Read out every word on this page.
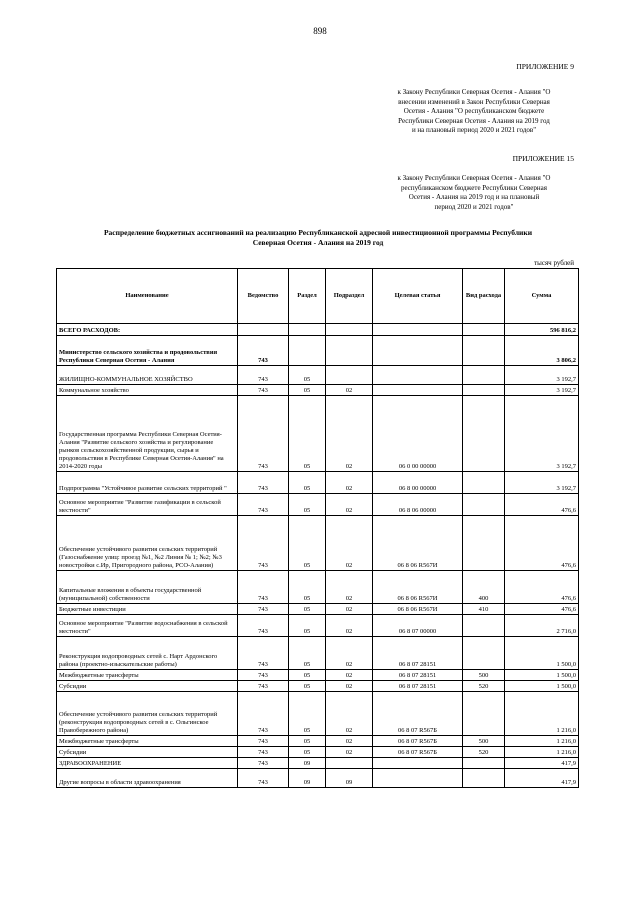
898
ПРИЛОЖЕНИЕ 9
к Закону Республики Северная Осетия - Алания "О
внесении изменений в Закон Республики Северная
Осетия - Алания "О республиканском бюджете
Республики Северная Осетия - Алания на 2019 год
и на плановый период 2020 и 2021 годов"
ПРИЛОЖЕНИЕ 15
к Закону Республики Северная Осетия - Алания "О
республиканском бюджете Республики Северная
Осетия - Алания на 2019 год и на плановый
период 2020 и 2021 годов"
Распределение бюджетных ассигнований на реализацию Республиканской адресной инвестиционной программы Республики
Северная Осетия - Алания на 2019 год
тысяч рублей
Наименование	Ведомство	Раздел	Подраздел	Целевая статья	Вид расхода	Сумма
ВСЕГО РАСХОДОВ:						596 816,2
Министерство сельского хозяйства и продовольствия Республики Северная Осетия - Алания	743					3 806,2
ЖИЛИЩНО-КОММУНАЛЬНОЕ ХОЗЯЙСТВО	743	05				3 192,7
Коммунальное хозяйство	743	05	02			3 192,7
Государственная программа Республики Северная Осетия-Алания "Развитие сельского хозяйства и регулирование рынков сельскохозяйственной продукции, сырья и продовольствия в Республике Северная Осетия-Алания" на 2014-2020 годы	743	05	02	06 0 00 00000		3 192,7
Подпрограмма "Устойчивое развитие сельских территорий "	743	05	02	06 8 00 00000		3 192,7
Основное мероприятие "Развитие газификации в сельской местности"	743	05	02	06 8 06 00000		476,6
Обеспечение устойчивого развития сельских территорий (Газоснабжение улиц: проезд №1, №2 Линия № 1; №2; №3 новостройки с.Ир, Пригородного района, РСО-Алания)	743	05	02	06 8 06 R567И		476,6
Капитальные вложения в объекты государственной (муниципальной) собственности	743	05	02	06 8 06 R567И	400	476,6
Бюджетные инвестиции	743	05	02	06 8 06 R567И	410	476,6
Основное мероприятие "Развитие водоснабжения в сельской местности"	743	05	02	06 8 07 00000		2 716,0
Реконструкция водопроводных сетей с. Нарт Ардонского района (проектно-изыскательские работы)	743	05	02	06 8 07 28151		1 500,0
Межбюджетные трансферты	743	05	02	06 8 07 28151	500	1 500,0
Субсидии	743	05	02	06 8 07 28151	520	1 500,0
Обеспечение устойчивого развития сельских территорий (реконструкция водопроводных сетей в с. Ольгинское Правобережного района)	743	05	02	06 8 07 R567Б		1 216,0
Межбюджетные трансферты	743	05	02	06 8 07 R567Б	500	1 216,0
Субсидии	743	05	02	06 8 07 R567Б	520	1 216,0
ЗДРАВООХРАНЕНИЕ	743	09				417,9
Другие вопросы в области здравоохранения	743	09	09			417,9
